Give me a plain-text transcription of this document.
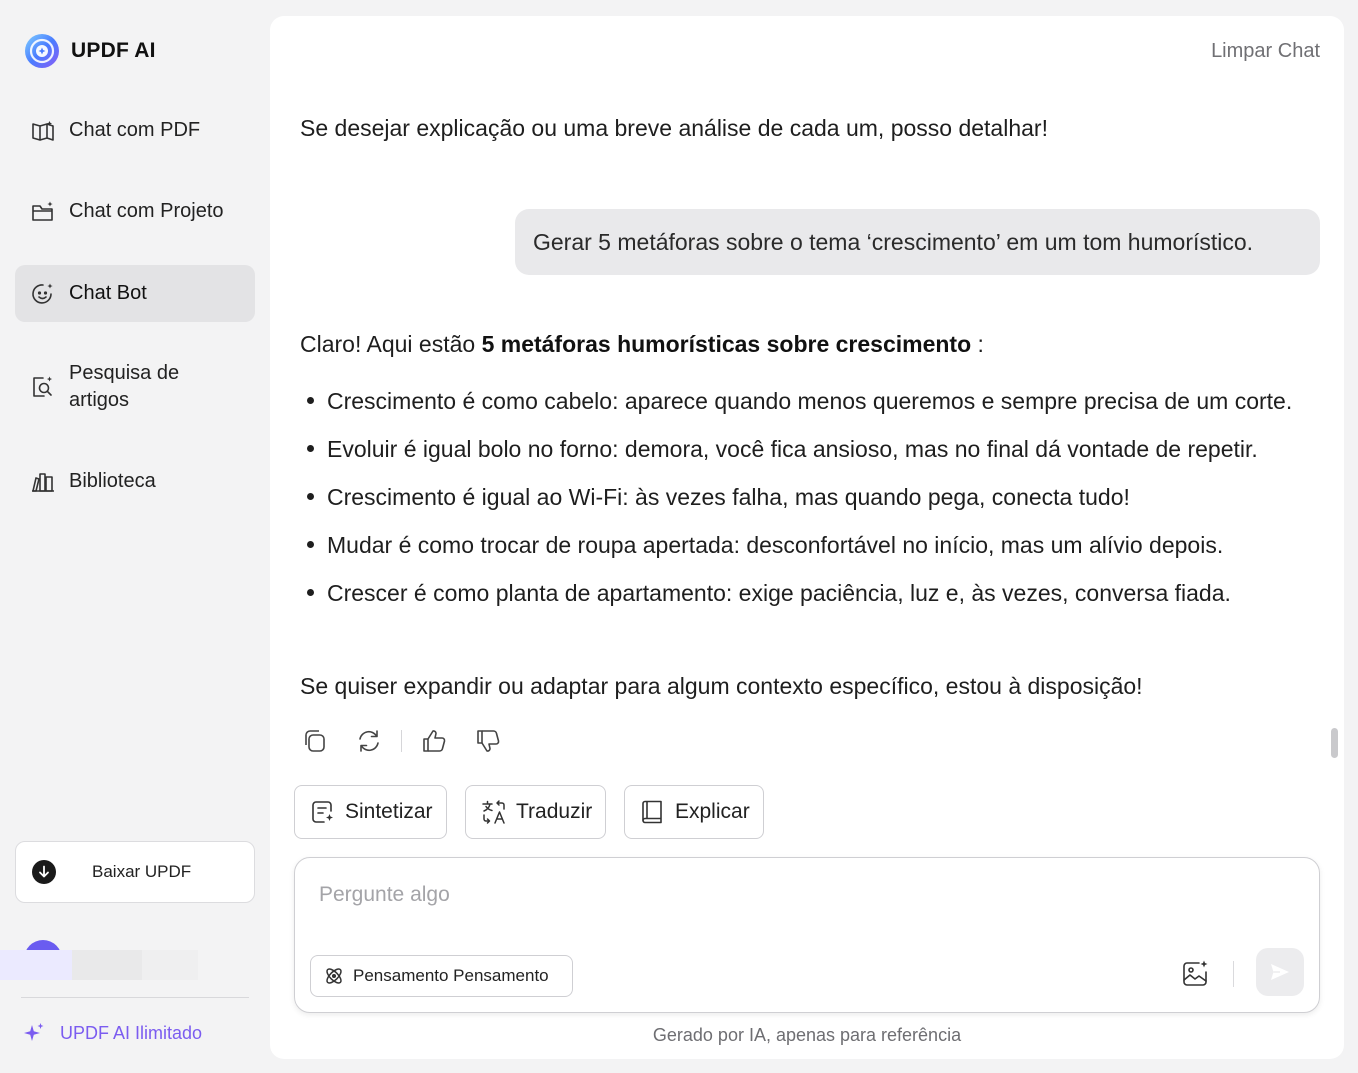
UPDF AI
Chat com PDF
Chat com Projeto
Chat Bot
Pesquisa de artigos
Biblioteca
Baixar UPDF
UPDF AI Ilimitado
Limpar Chat
Se desejar explicação ou uma breve análise de cada um, posso detalhar!
Gerar 5 metáforas sobre o tema ‘crescimento’ em um tom humorístico.
Claro! Aqui estão 5 metáforas humorísticas sobre crescimento :
Crescimento é como cabelo: aparece quando menos queremos e sempre precisa de um corte.
Evoluir é igual bolo no forno: demora, você fica ansioso, mas no final dá vontade de repetir.
Crescimento é igual ao Wi-Fi: às vezes falha, mas quando pega, conecta tudo!
Mudar é como trocar de roupa apertada: desconfortável no início, mas um alívio depois.
Crescer é como planta de apartamento: exige paciência, luz e, às vezes, conversa fiada.
Se quiser expandir ou adaptar para algum contexto específico, estou à disposição!
Sintetizar	Traduzir	Explicar
Pergunte algo
Pensamento Pensamento
Gerado por IA, apenas para referência
